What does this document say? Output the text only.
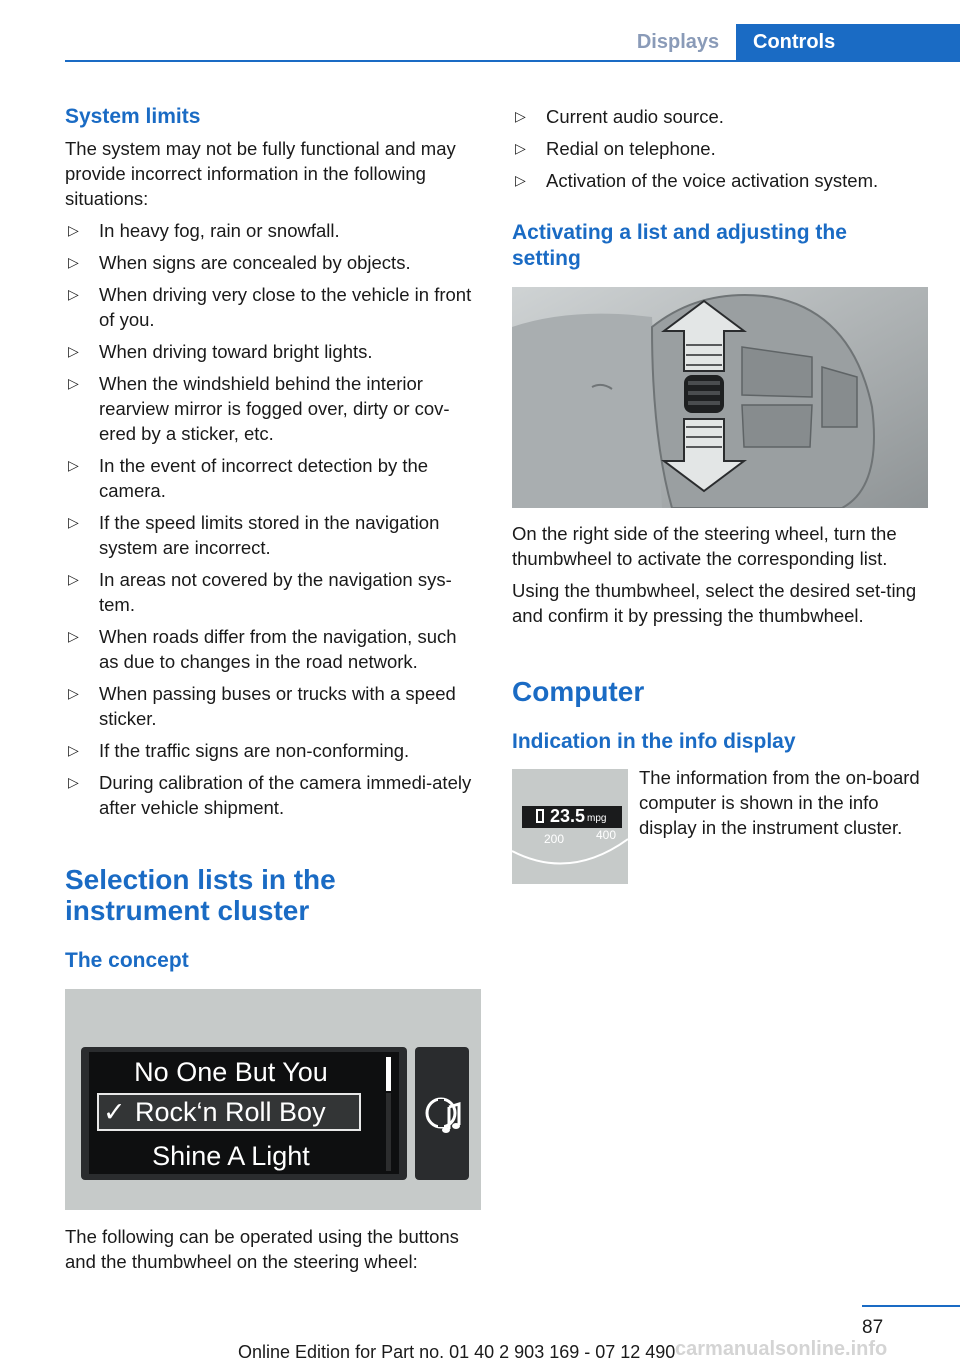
Displays	Controls
System limits

The system may not be fully functional and may provide incorrect information in the following situations:

▷ In heavy fog, rain or snowfall.
▷ When signs are concealed by objects.
▷ When driving very close to the vehicle in front of you.
▷ When driving toward bright lights.
▷ When the windshield behind the interior rearview mirror is fogged over, dirty or cov‐ered by a sticker, etc.
▷ In the event of incorrect detection by the camera.
▷ If the speed limits stored in the navigation system are incorrect.
▷ In areas not covered by the navigation sys‐tem.
▷ When roads differ from the navigation, such as due to changes in the road network.
▷ When passing buses or trucks with a speed sticker.
▷ If the traffic signs are non-conforming.
▷ During calibration of the camera immedi‐ately after vehicle shipment.
Selection lists in the instrument cluster
The concept
No One But You
✓ Rock‘n Roll Boy
Shine A Light

The following can be operated using the buttons and the thumbwheel on the steering wheel:

▷ Current audio source.
▷ Redial on telephone.
▷ Activation of the voice activation system.
Activating a list and adjusting the setting

On the right side of the steering wheel, turn the thumbwheel to activate the corresponding list.

Using the thumbwheel, select the desired set‐ting and confirm it by pressing the thumbwheel.

Computer
Indication in the info display
23.5 mpg
200	400

The information from the on‐board computer is shown in the info display in the instrument cluster.

87
Online Edition for Part no. 01 40 2 903 169 - 07 12 490 carmanualsonline.info
